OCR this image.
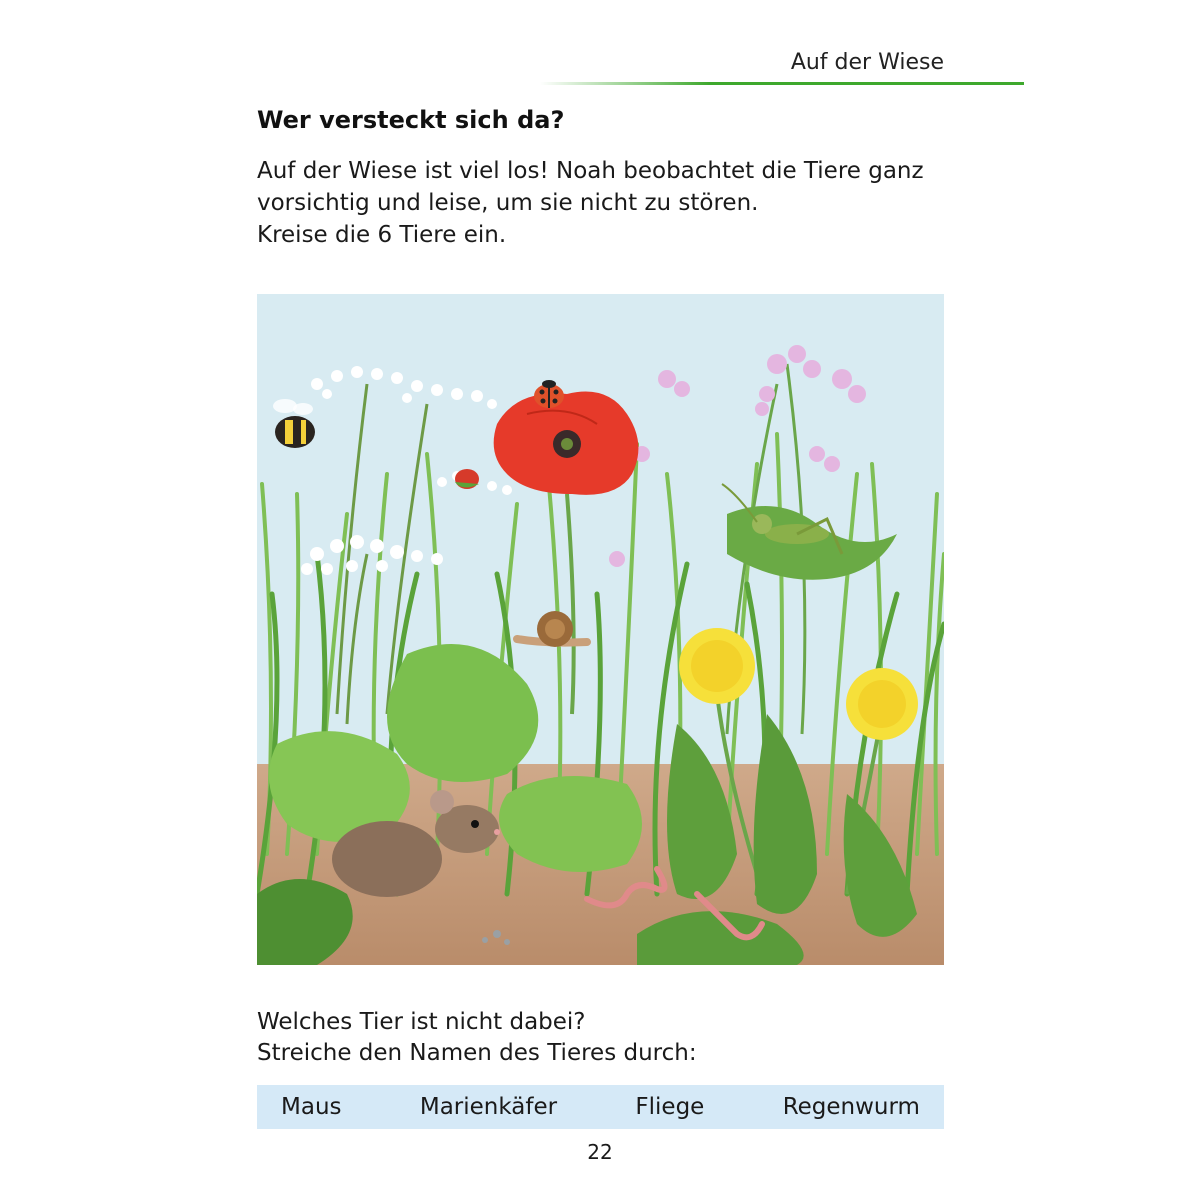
Auf der Wiese
Wer versteckt sich da?
Auf der Wiese ist viel los! Noah beobachtet die Tiere ganz
vorsichtig und leise, um sie nicht zu stören.
Kreise die 6 Tiere ein.
Welches Tier ist nicht dabei?
Streiche den Namen des Tieres durch:
Maus	Marienkäfer	Fliege	Regenwurm
22
